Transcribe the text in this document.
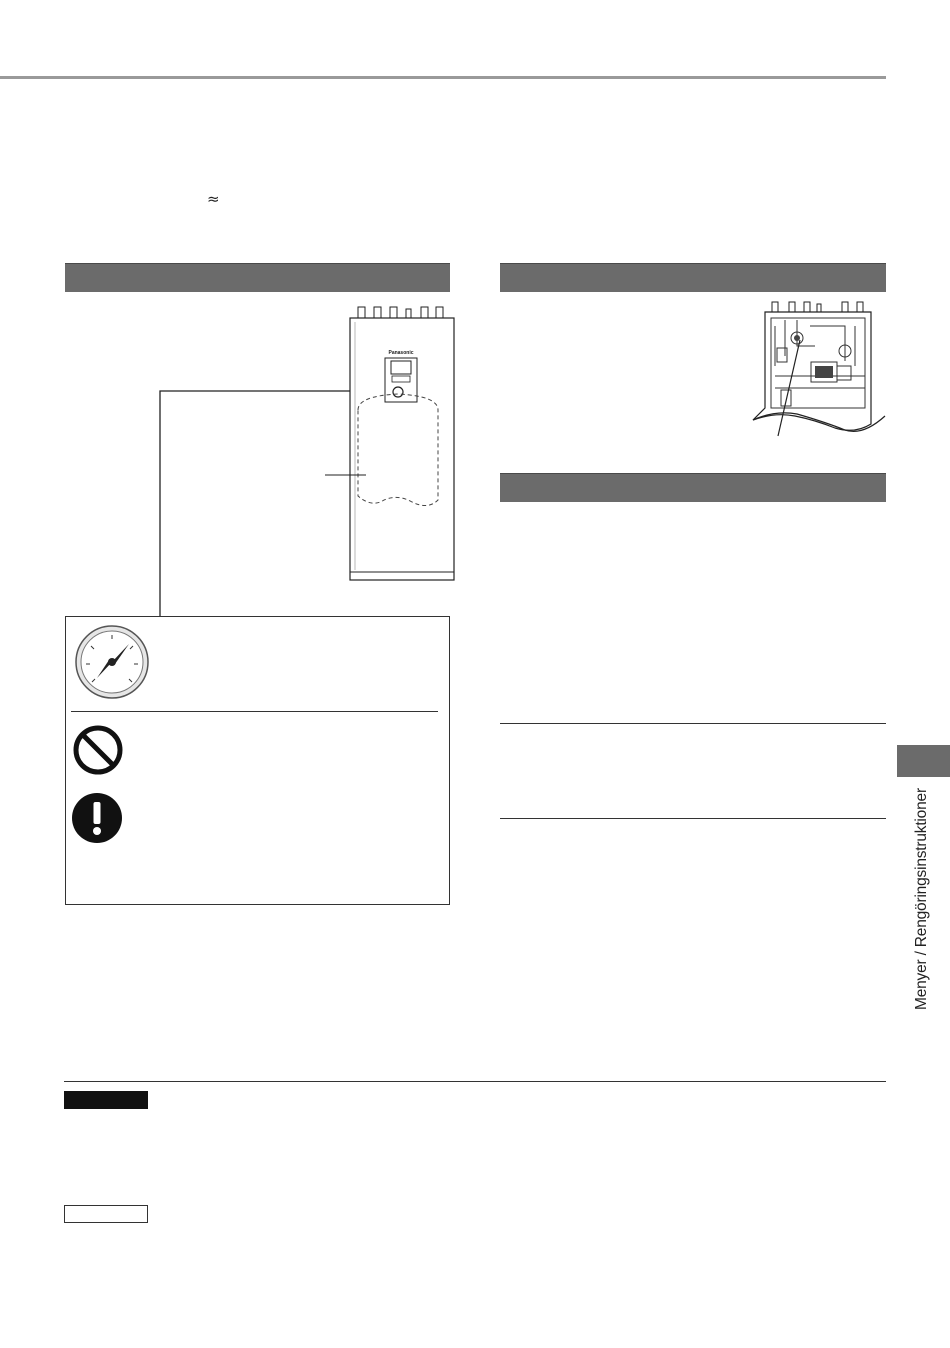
≈
Menyer / Rengöringsinstruktioner
Panasonic
